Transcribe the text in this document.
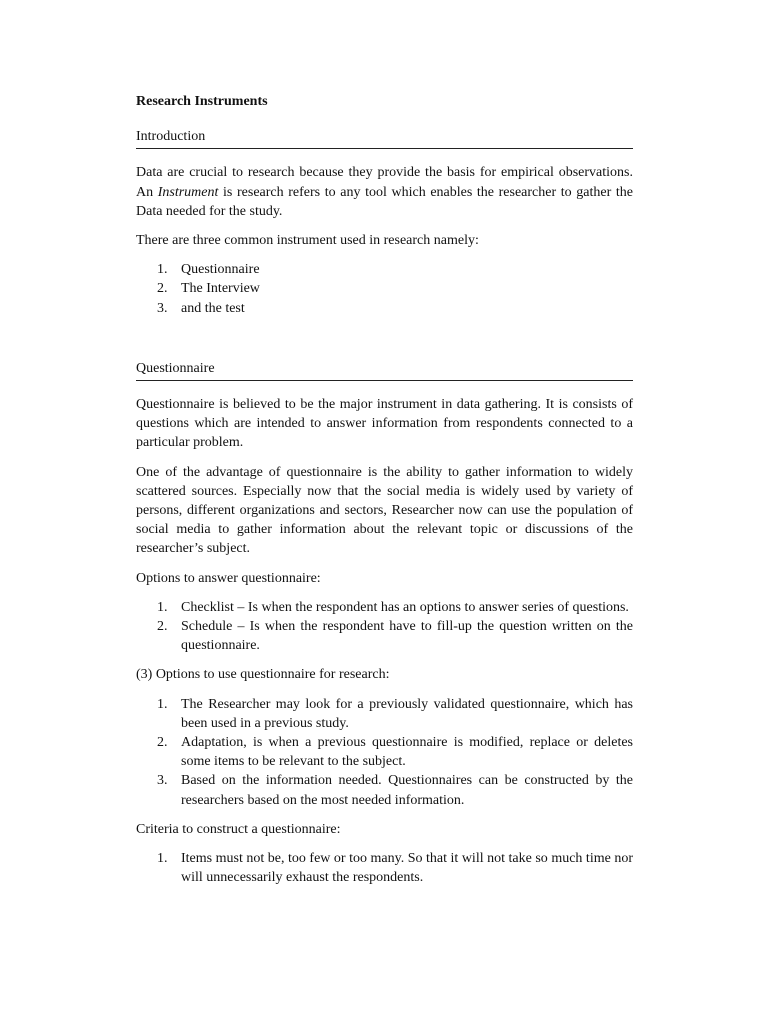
Research Instruments
Introduction

Data are crucial to research because they provide the basis for empirical observations. An Instrument is research refers to any tool which enables the researcher to gather the Data needed for the study.

There are three common instrument used in research namely:

1. Questionnaire
2. The Interview
3. and the test
Questionnaire

Questionnaire is believed to be the major instrument in data gathering. It is consists of questions which are intended to answer information from respondents connected to a particular problem.

One of the advantage of questionnaire is the ability to gather information to widely scattered sources. Especially now that the social media is widely used by variety of persons, different organizations and sectors, Researcher now can use the population of social media to gather information about the relevant topic or discussions of the researcher’s subject.

Options to answer questionnaire:

1. Checklist – Is when the respondent has an options to answer series of questions.
2. Schedule – Is when the respondent have to fill-up the question written on the questionnaire.

(3) Options to use questionnaire for research:

1. The Researcher may look for a previously validated questionnaire, which has been used in a previous study.
2. Adaptation, is when a previous questionnaire is modified, replace or deletes some items to be relevant to the subject.
3. Based on the information needed. Questionnaires can be constructed by the researchers based on the most needed information.

Criteria to construct a questionnaire:

1. Items must not be, too few or too many. So that it will not take so much time nor will unnecessarily exhaust the respondents.
